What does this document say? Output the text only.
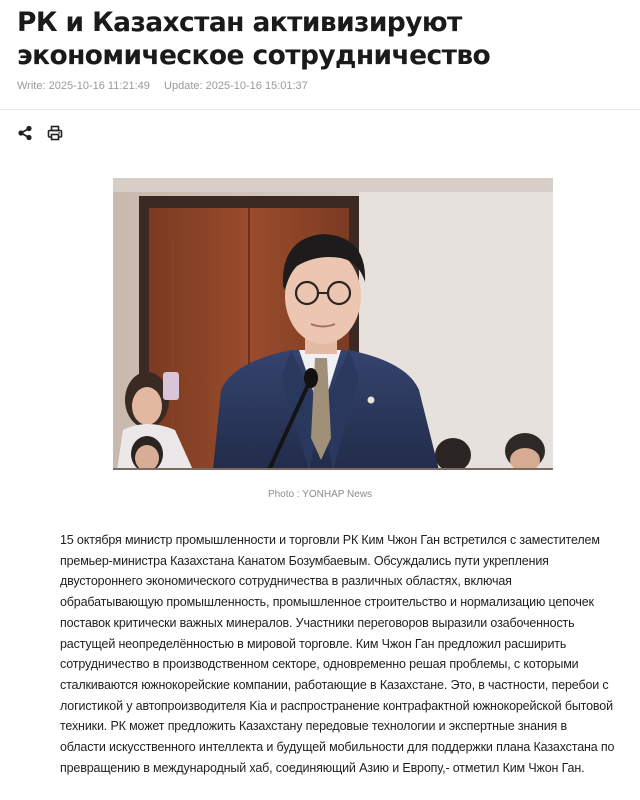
РК и Казахстан активизируют экономическое сотрудничество
Write: 2025-10-16 11:21:49 Update: 2025-10-16 15:01:37
Photo : YONHAP News

15 октября министр промышленности и торговли РК Ким Чжон Ган встретился с заместителем премьер-министра Казахстана Канатом Бозумбаевым. Обсуждались пути укрепления двустороннего экономического сотрудничества в различных областях, включая обрабатывающую промышленность, промышленное строительство и нормализацию цепочек поставок критически важных минералов. Участники переговоров выразили озабоченность растущей неопределённостью в мировой торговле. Ким Чжон Ган предложил расширить сотрудничество в производственном секторе, одновременно решая проблемы, с которыми сталкиваются южнокорейские компании, работающие в Казахстане. Это, в частности, перебои с логистикой у автопроизводителя Kia и распространение контрафактной южнокорейской бытовой техники. РК может предложить Казахстану передовые технологии и экспертные знания в области искусственного интеллекта и будущей мобильности для поддержки плана Казахстана по превращению в международный хаб, соединяющий Азию и Европу,- отметил Ким Чжон Ган.
